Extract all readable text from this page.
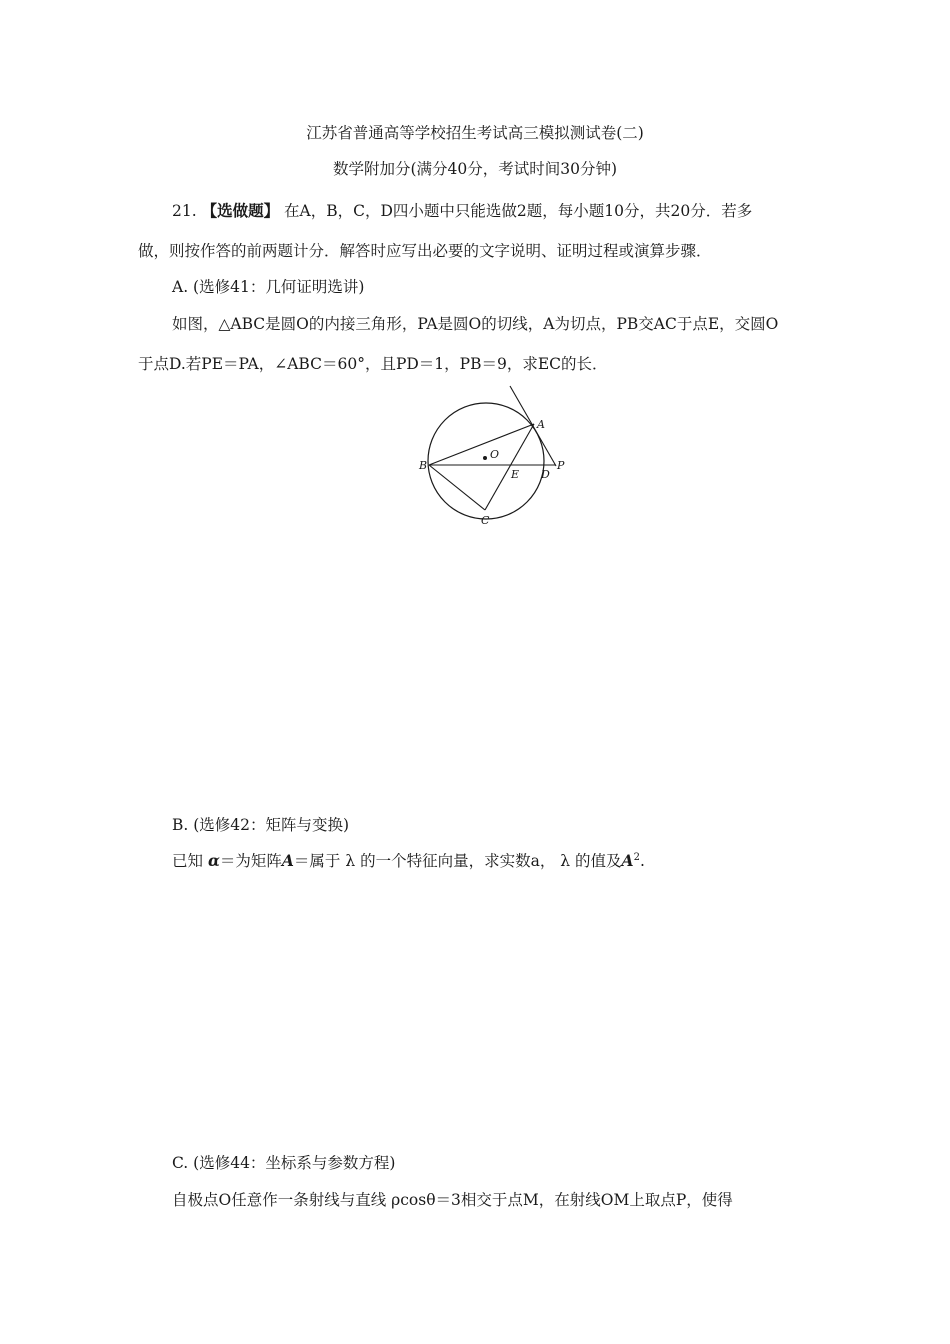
江苏省普通高等学校招生考试高三模拟测试卷(二)
数学附加分(满分40分，考试时间30分钟)
21. 【选做题】 在A，B，C，D四小题中只能选做2题，每小题10分，共20分．若多
做，则按作答的前两题计分．解答时应写出必要的文字说明、证明过程或演算步骤．
A. (选修41：几何证明选讲)
如图，△ABC是圆O的内接三角形，PA是圆O的切线，A为切点，PB交AC于点E，交圆O
于点D.若PE＝PA，∠ABC＝60°，且PD＝1，PB＝9，求EC的长．
A
B
C
D
E
O
P
B. (选修42：矩阵与变换)
已知 α＝为矩阵A＝属于 λ 的一个特征向量，求实数a， λ 的值及$A^2$.
C. (选修44：坐标系与参数方程)
自极点O任意作一条射线与直线 ρcosθ＝3相交于点M，在射线OM上取点P，使得
